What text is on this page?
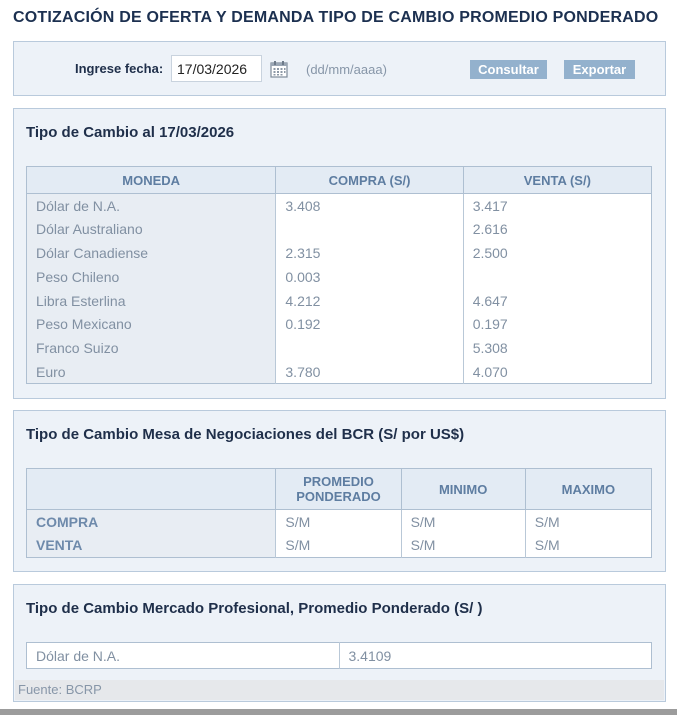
COTIZACIÓN DE OFERTA Y DEMANDA TIPO DE CAMBIO PROMEDIO PONDERADO
Ingrese fecha:
17/03/2026	(dd/mm/aaaa)	Consultar	Exportar
Tipo de Cambio al 17/03/2026
MONEDA	COMPRA (S/)	VENTA (S/)
Dólar de N.A.	3.408	3.417
Dólar Australiano		2.616
Dólar Canadiense	2.315	2.500
Peso Chileno	0.003	
Libra Esterlina	4.212	4.647
Peso Mexicano	0.192	0.197
Franco Suizo		5.308
Euro	3.780	4.070
Tipo de Cambio Mesa de Negociaciones del BCR (S/ por US$)
	PROMEDIO PONDERADO	MINIMO	MAXIMO
COMPRA	S/M	S/M	S/M
VENTA	S/M	S/M	S/M
Tipo de Cambio Mercado Profesional, Promedio Ponderado (S/ )
Dólar de N.A.	3.4109
Fuente: BCRP
